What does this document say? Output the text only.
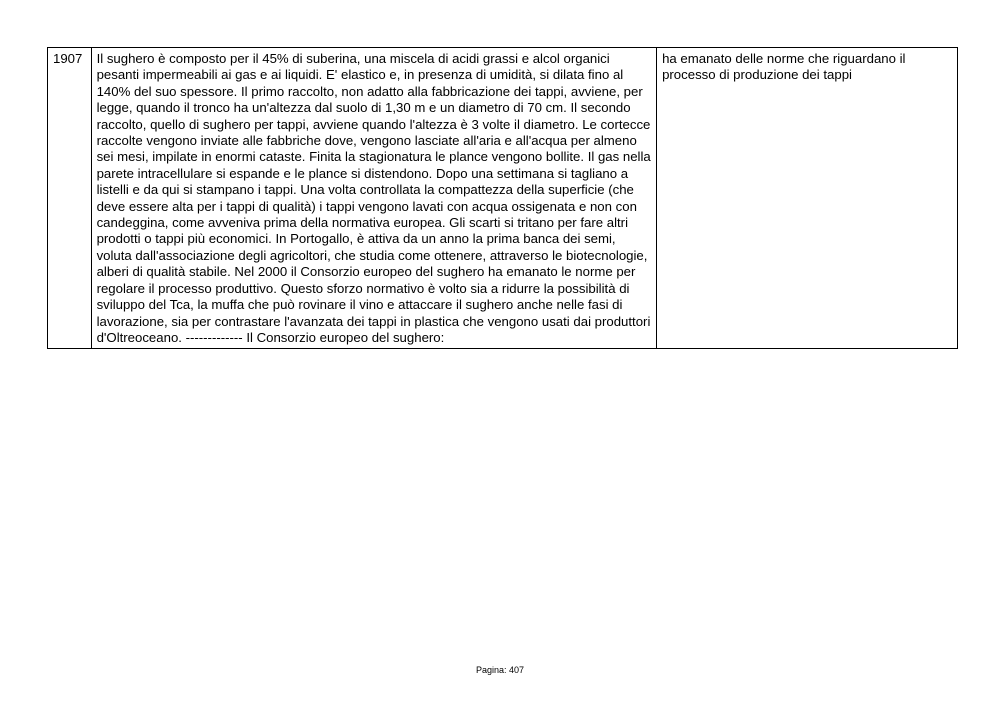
1907	Il sughero è composto per il 45% di suberina, una miscela di acidi grassi e alcol organici pesanti impermeabili ai gas e ai liquidi. E' elastico e, in presenza di umidità, si dilata fino al 140% del suo spessore. Il primo raccolto, non adatto alla fabbricazione dei tappi, avviene, per legge, quando il tronco ha un'altezza dal suolo di 1,30 m e un diametro di 70 cm. Il secondo raccolto, quello di sughero per tappi, avviene quando l'altezza è 3 volte il diametro. Le cortecce raccolte vengono inviate alle fabbriche dove, vengono lasciate all'aria e all'acqua per almeno sei mesi, impilate in enormi cataste. Finita la stagionatura le plance vengono bollite. Il gas nella parete intracellulare si espande e le plance si distendono. Dopo una settimana si tagliano a listelli e da qui si stampano i tappi. Una volta controllata la compattezza della superficie (che deve essere alta per i tappi di qualità) i tappi vengono lavati con acqua ossigenata e non con candeggina, come avveniva prima della normativa europea. Gli scarti si tritano per fare altri prodotti o tappi più economici. In Portogallo, è attiva da un anno la prima banca dei semi, voluta dall'associazione degli agricoltori, che studia come ottenere, attraverso le biotecnologie, alberi di qualità stabile. Nel 2000 il Consorzio europeo del sughero ha emanato le norme per regolare il processo produttivo. Questo sforzo normativo è volto sia a ridurre la possibilità di sviluppo del Tca, la muffa che può rovinare il vino e attaccare il sughero anche nelle fasi di lavorazione, sia per contrastare l'avanzata dei tappi in plastica che vengono usati dai produttori d'Oltreoceano. ------------- Il Consorzio europeo del sughero:	ha emanato delle norme che riguardano il processo di produzione dei tappi
Pagina: 407
